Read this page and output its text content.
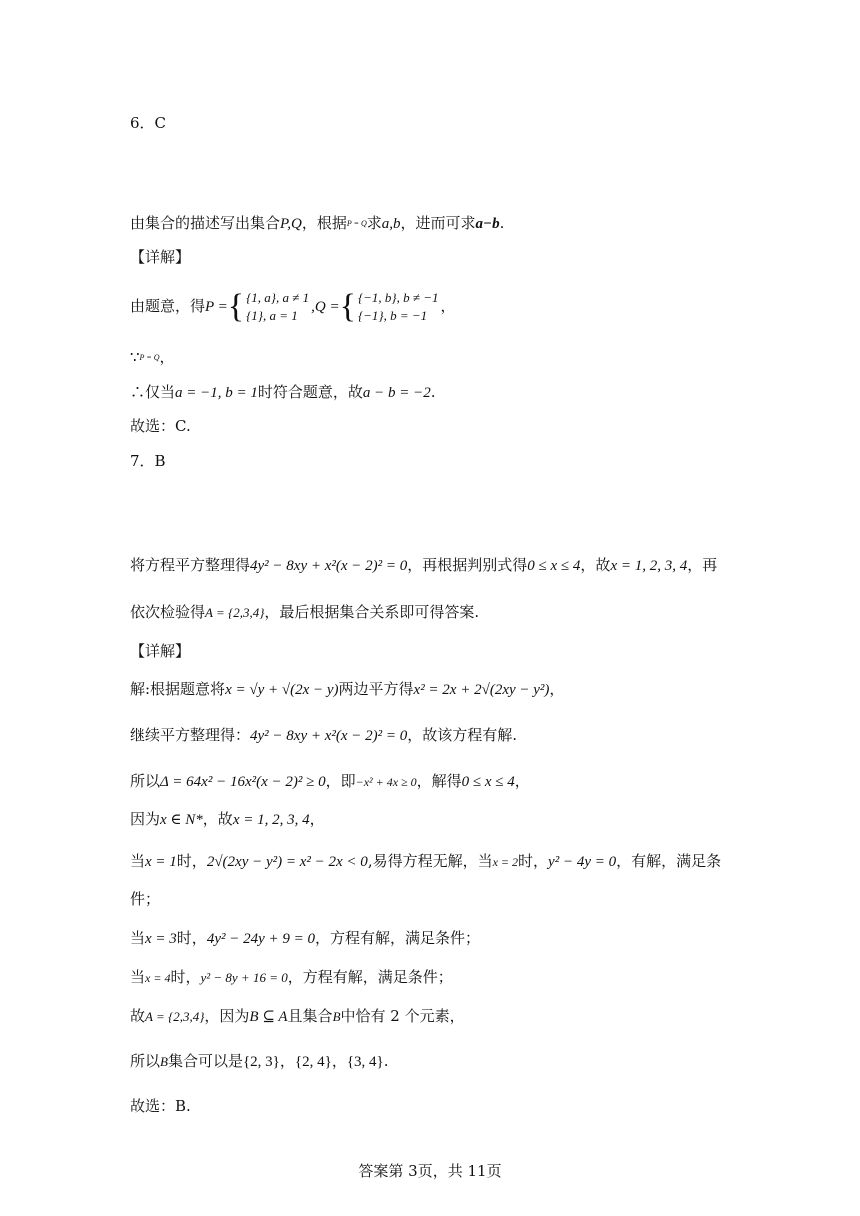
6．C
由集合的描述写出集合P,Q，根据P = Q求a,b，进而可求a−b.
【详解】
由题意，得P ={ {1, a}, a ≠ 1
{1}, a = 1,Q ={ {−1, b}, b ≠ −1
{−1}, b = −1，
∵P = Q，
∴仅当a = −1, b = 1时符合题意，故a − b = −2.
故选：C.
7．B
将方程平方整理得4y² − 8xy + x²(x − 2)² = 0，再根据判别式得0 ≤ x ≤ 4，故x = 1, 2, 3, 4，再
依次检验得A = {2,3,4}，最后根据集合关系即可得答案.
【详解】
解:根据题意将x = √y + √(2x − y)两边平方得x² = 2x + 2√(2xy − y²)，
继续平方整理得：4y² − 8xy + x²(x − 2)² = 0，故该方程有解.
所以Δ = 64x² − 16x²(x − 2)² ≥ 0，即−x² + 4x ≥ 0，解得0 ≤ x ≤ 4，
因为x ∈ N*，故x = 1, 2, 3, 4，
当x = 1时，2√(2xy − y²) = x² − 2x < 0,易得方程无解，当x = 2时，y² − 4y = 0，有解，满足条
件；
当x = 3时，4y² − 24y + 9 = 0，方程有解，满足条件；
当x = 4时，y² − 8y + 16 = 0，方程有解，满足条件；
故A = {2,3,4}，因为B ⊆ A且集合B中恰有 2 个元素，
所以B集合可以是{2, 3}，{2, 4}，{3, 4}.
故选：B.
答案第 3页，共 11页
